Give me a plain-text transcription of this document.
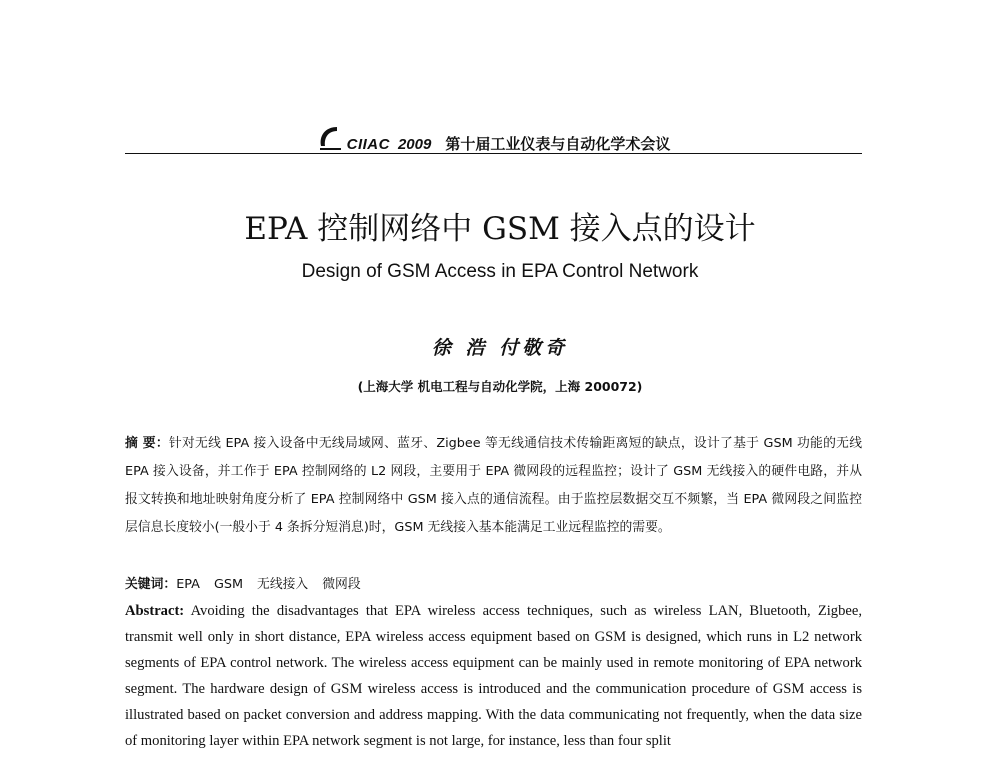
CIIAC 2009 第十届工业仪表与自动化学术会议
EPA 控制网络中 GSM 接入点的设计
Design of GSM Access in EPA Control Network
徐 浩 付敬奇
(上海大学 机电工程与自动化学院，上海 200072)
摘 要：针对无线 EPA 接入设备中无线局域网、蓝牙、Zigbee 等无线通信技术传输距离短的缺点，设计了基于 GSM 功能的无线 EPA 接入设备，并工作于 EPA 控制网络的 L2 网段，主要用于 EPA 微网段的远程监控；设计了 GSM 无线接入的硬件电路，并从报文转换和地址映射角度分析了 EPA 控制网络中 GSM 接入点的通信流程。由于监控层数据交互不频繁，当 EPA 微网段之间监控层信息长度较小(一般小于 4 条拆分短消息)时，GSM 无线接入基本能满足工业远程监控的需要。
关键词：EPA GSM 无线接入 微网段
Abstract: Avoiding the disadvantages that EPA wireless access techniques, such as wireless LAN, Bluetooth, Zigbee, transmit well only in short distance, EPA wireless access equipment based on GSM is designed, which runs in L2 network segments of EPA control network. The wireless access equipment can be mainly used in remote monitoring of EPA network segment. The hardware design of GSM wireless access is introduced and the communication procedure of GSM access is illustrated based on packet conversion and address mapping. With the data communicating not frequently, when the data size of monitoring layer within EPA network segment is not large, for instance, less than four split
